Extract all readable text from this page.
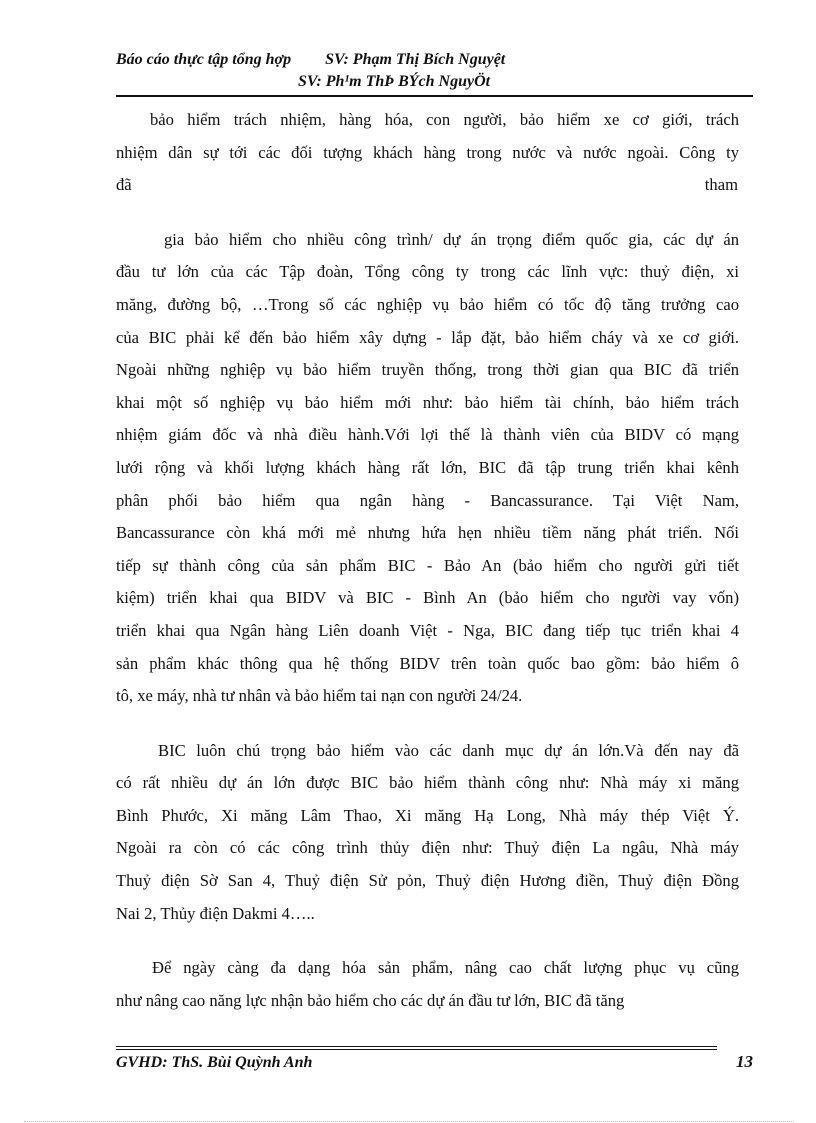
Báo cáo thực tập tổng hợp SV: Phạm Thị Bích Nguyệt
SV: Ph¹m ThÞ BÝch NguyÖt
bảo hiểm trách nhiệm, hàng hóa, con người, bảo hiểm xe cơ giới, trách
nhiệm dân sự tới các đối tượng khách hàng trong nước và nước ngoài. Công ty
đã tham
gia bảo hiểm cho nhiều công trình/ dự án trọng điểm quốc gia, các dự án
đầu tư lớn của các Tập đoàn, Tổng công ty trong các lĩnh vực: thuỷ điện, xi
măng, đường bộ, …Trong số các nghiệp vụ bảo hiểm có tốc độ tăng trưởng cao
của BIC phải kể đến bảo hiểm xây dựng - lắp đặt, bảo hiểm cháy và xe cơ giới.
Ngoài những nghiệp vụ bảo hiểm truyền thống, trong thời gian qua BIC đã triển
khai một số nghiệp vụ bảo hiểm mới như: bảo hiểm tài chính, bảo hiểm trách
nhiệm giám đốc và nhà điều hành.Với lợi thế là thành viên của BIDV có mạng
lưới rộng và khối lượng khách hàng rất lớn, BIC đã tập trung triển khai kênh
phân phối bảo hiểm qua ngân hàng - Bancassurance. Tại Việt Nam,
Bancassurance còn khá mới mẻ nhưng hứa hẹn nhiều tiềm năng phát triển. Nối
tiếp sự thành công của sản phẩm BIC - Bảo An (bảo hiểm cho người gửi tiết
kiệm) triển khai qua BIDV và BIC - Bình An (bảo hiểm cho người vay vốn)
triển khai qua Ngân hàng Liên doanh Việt - Nga, BIC đang tiếp tục triển khai 4
sản phẩm khác thông qua hệ thống BIDV trên toàn quốc bao gồm: bảo hiểm ô
tô, xe máy, nhà tư nhân và bảo hiểm tai nạn con người 24/24.
BIC luôn chú trọng bảo hiểm vào các danh mục dự án lớn.Và đến nay đã
có rất nhiều dự án lớn được BIC bảo hiểm thành công như: Nhà máy xi măng
Bình Phước, Xi măng Lâm Thao, Xi măng Hạ Long, Nhà máy thép Việt Ý.
Ngoài ra còn có các công trình thủy điện như: Thuỷ điện La ngâu, Nhà máy
Thuỷ điện Sờ San 4, Thuỷ điện Sử pỏn, Thuỷ điện Hương điền, Thuỷ điện Đồng
Nai 2, Thủy điện Dakmi 4…..
Để ngày càng đa dạng hóa sản phẩm, nâng cao chất lượng phục vụ cũng
như nâng cao năng lực nhận bảo hiểm cho các dự án đầu tư lớn, BIC đã tăng
GVHD: ThS. Bùi Quỳnh Anh	13
